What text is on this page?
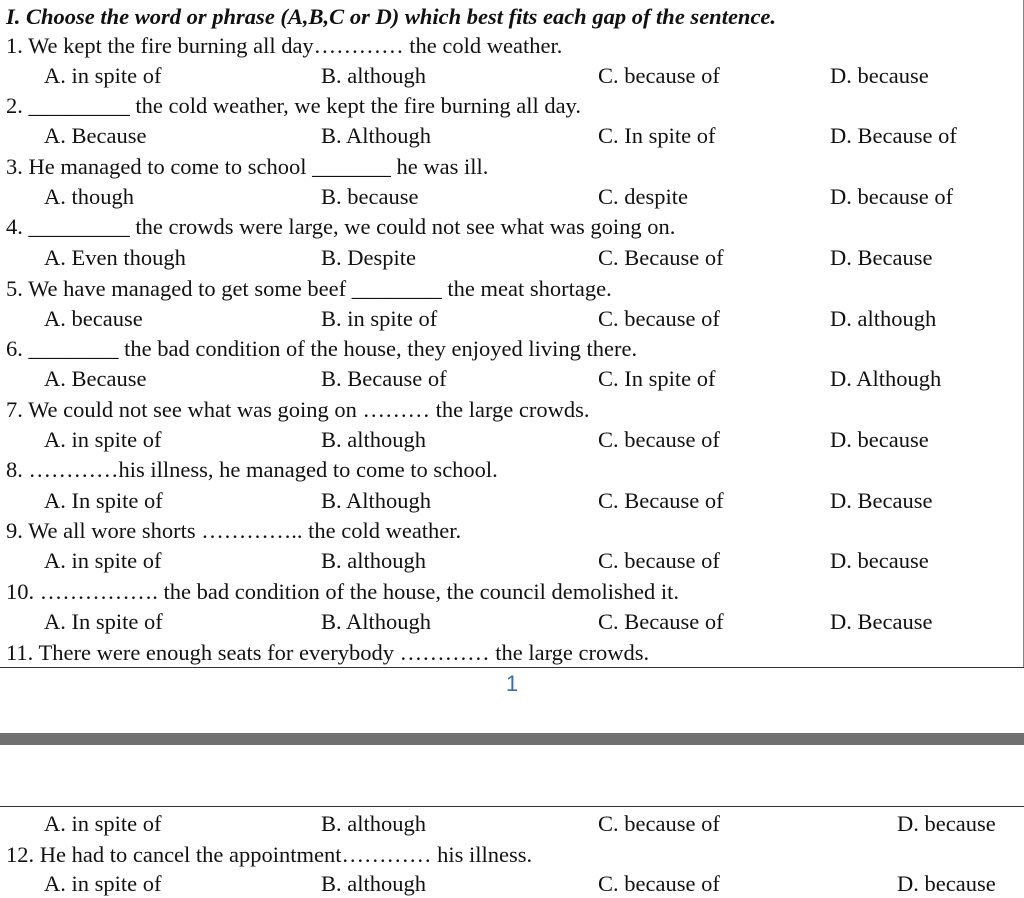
I. Choose the word or phrase (A,B,C or D) which best fits each gap of the sentence.
1. We kept the fire burning all day………… the cold weather.
A. in spite of	B. although	C. because of	D. because
2. _________ the cold weather, we kept the fire burning all day.
A. Because	B. Although	C. In spite of	D. Because of
3. He managed to come to school _______ he was ill.
A. though	B. because	C. despite	D. because of
4. _________ the crowds were large, we could not see what was going on.
A. Even though	B. Despite	C. Because of	D. Because
5. We have managed to get some beef ________ the meat shortage.
A. because	B. in spite of	C. because of	D. although
6. ________ the bad condition of the house, they enjoyed living there.
A. Because	B. Because of	C. In spite of	D. Although
7. We could not see what was going on ……… the large crowds.
A. in spite of	B. although	C. because of	D. because
8. …………his illness, he managed to come to school.
A. In spite of	B. Although	C. Because of	D. Because
9. We all wore shorts ………….. the cold weather.
A. in spite of	B. although	C. because of	D. because
10. ……………. the bad condition of the house, the council demolished it.
A. In spite of	B. Although	C. Because of	D. Because
11. There were enough seats for everybody ………… the large crowds.
1
A. in spite of	B. although	C. because of	D. because
12. He had to cancel the appointment………… his illness.
A. in spite of	B. although	C. because of	D. because
